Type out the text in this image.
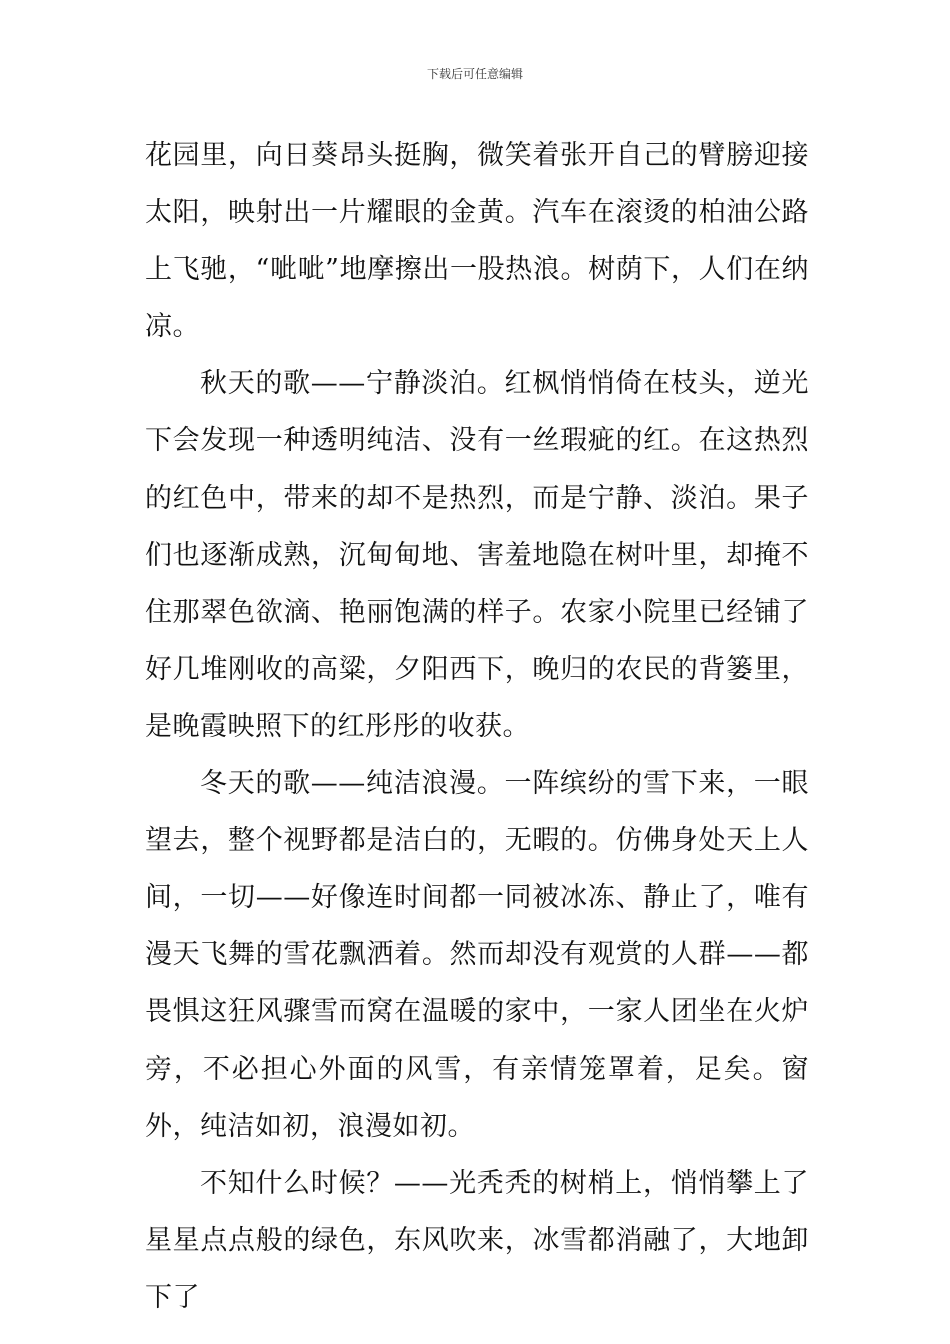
下载后可任意编辑

花园里，向日葵昂头挺胸，微笑着张开自己的臂膀迎接太阳，映射出一片耀眼的金黄。汽车在滚烫的柏油公路上飞驰，“呲呲”地摩擦出一股热浪。树荫下，人们在纳凉。

秋天的歌——宁静淡泊。红枫悄悄倚在枝头，逆光下会发现一种透明纯洁、没有一丝瑕疵的红。在这热烈的红色中，带来的却不是热烈，而是宁静、淡泊。果子们也逐渐成熟，沉甸甸地、害羞地隐在树叶里，却掩不住那翠色欲滴、艳丽饱满的样子。农家小院里已经铺了好几堆刚收的高粱，夕阳西下，晚归的农民的背篓里，是晚霞映照下的红彤彤的收获。

冬天的歌——纯洁浪漫。一阵缤纷的雪下来，一眼望去，整个视野都是洁白的，无暇的。仿佛身处天上人间，一切——好像连时间都一同被冰冻、静止了，唯有漫天飞舞的雪花飘洒着。然而却没有观赏的人群——都畏惧这狂风骤雪而窝在温暖的家中，一家人团坐在火炉旁，不必担心外面的风雪，有亲情笼罩着，足矣。窗外，纯洁如初，浪漫如初。

不知什么时候？——光秃秃的树梢上，悄悄攀上了星星点点般的绿色，东风吹来，冰雪都消融了，大地卸下了
